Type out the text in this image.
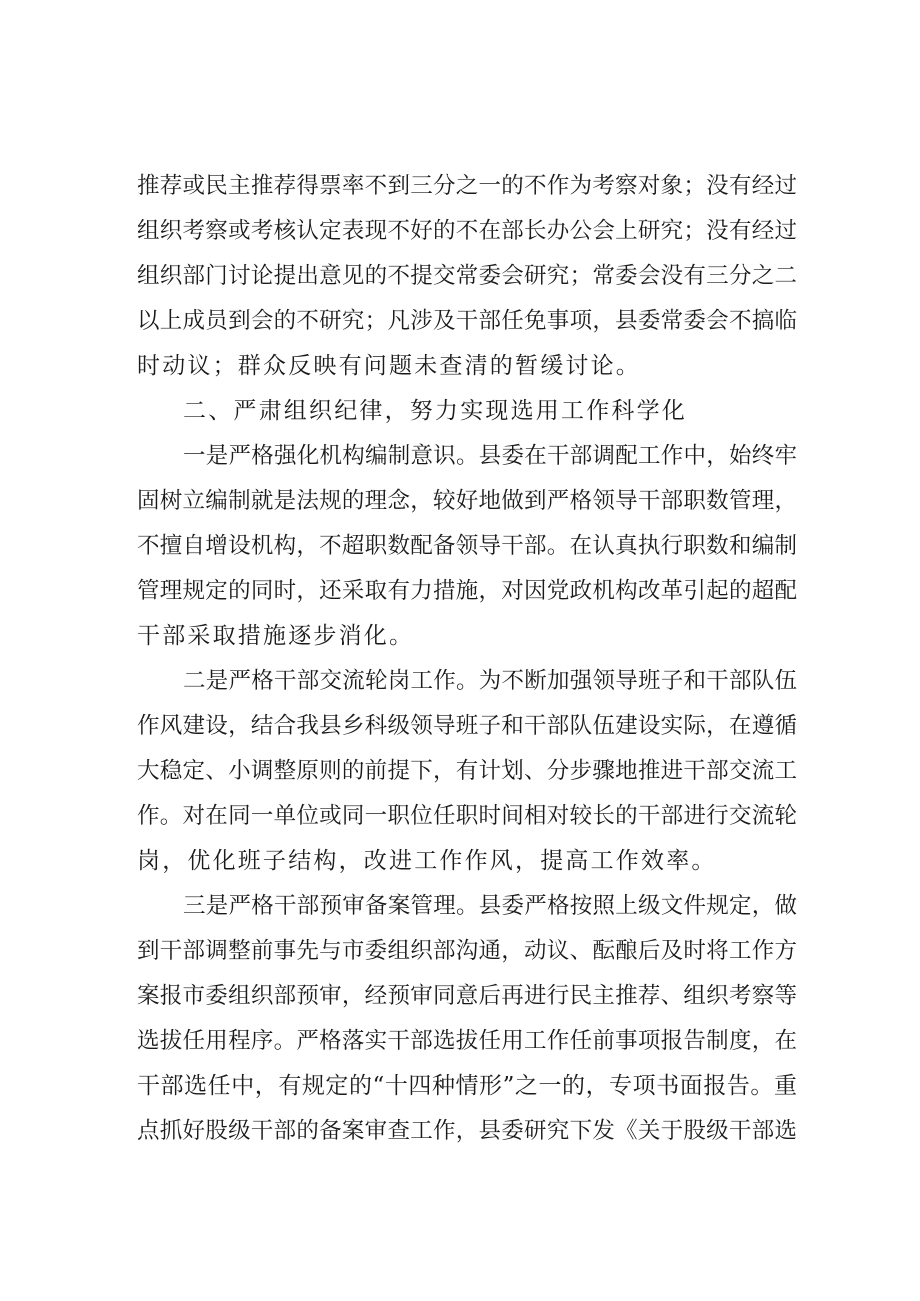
推荐或民主推荐得票率不到三分之一的不作为考察对象；没有经过
组织考察或考核认定表现不好的不在部长办公会上研究；没有经过
组织部门讨论提出意见的不提交常委会研究；常委会没有三分之二
以上成员到会的不研究；凡涉及干部任免事项，县委常委会不搞临
时动议；群众反映有问题未查清的暂缓讨论。
二、严肃组织纪律，努力实现选用工作科学化
一是严格强化机构编制意识。县委在干部调配工作中，始终牢
固树立编制就是法规的理念，较好地做到严格领导干部职数管理，
不擅自增设机构，不超职数配备领导干部。在认真执行职数和编制
管理规定的同时，还采取有力措施，对因党政机构改革引起的超配
干部采取措施逐步消化。
二是严格干部交流轮岗工作。为不断加强领导班子和干部队伍
作风建设，结合我县乡科级领导班子和干部队伍建设实际，在遵循
大稳定、小调整原则的前提下，有计划、分步骤地推进干部交流工
作。对在同一单位或同一职位任职时间相对较长的干部进行交流轮
岗，优化班子结构，改进工作作风，提高工作效率。
三是严格干部预审备案管理。县委严格按照上级文件规定，做
到干部调整前事先与市委组织部沟通，动议、酝酿后及时将工作方
案报市委组织部预审，经预审同意后再进行民主推荐、组织考察等
选拔任用程序。严格落实干部选拔任用工作任前事项报告制度，在
干部选任中，有规定的“十四种情形”之一的，专项书面报告。重
点抓好股级干部的备案审查工作，县委研究下发《关于股级干部选
